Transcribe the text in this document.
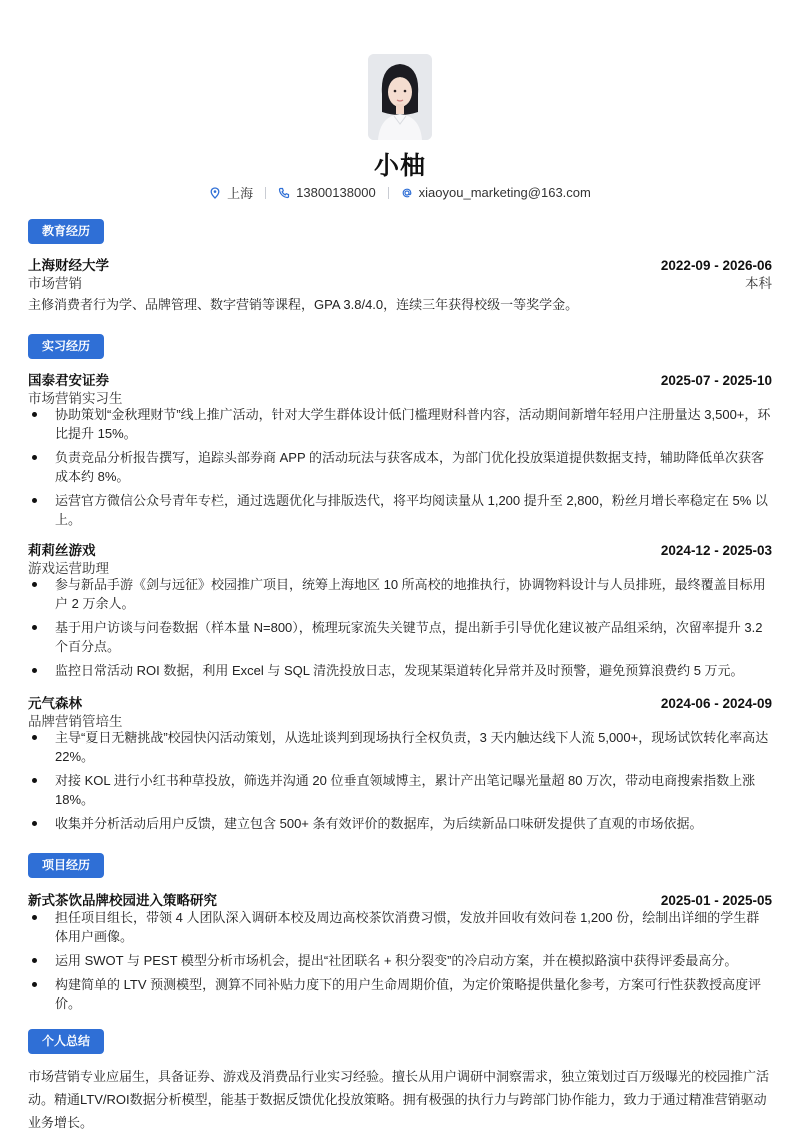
小柚
上海	13800138000	xiaoyou_marketing@163.com
教育经历
上海财经大学	2022-09 - 2026-06
市场营销	本科
主修消费者行为学、品牌管理、数字营销等课程，GPA 3.8/4.0，连续三年获得校级一等奖学金。
实习经历
国泰君安证券	2025-07 - 2025-10
市场营销实习生
协助策划“金秋理财节”线上推广活动，针对大学生群体设计低门槛理财科普内容，活动期间新增年轻用户注册量达 3,500+，环比提升 15%。
负责竞品分析报告撰写，追踪头部券商 APP 的活动玩法与获客成本，为部门优化投放渠道提供数据支持，辅助降低单次获客成本约 8%。
运营官方微信公众号青年专栏，通过选题优化与排版迭代，将平均阅读量从 1,200 提升至 2,800，粉丝月增长率稳定在 5% 以上。
莉莉丝游戏	2024-12 - 2025-03
游戏运营助理
参与新品手游《剑与远征》校园推广项目，统筹上海地区 10 所高校的地推执行，协调物料设计与人员排班，最终覆盖目标用户 2 万余人。
基于用户访谈与问卷数据（样本量 N=800），梳理玩家流失关键节点，提出新手引导优化建议被产品组采纳，次留率提升 3.2 个百分点。
监控日常活动 ROI 数据，利用 Excel 与 SQL 清洗投放日志，发现某渠道转化异常并及时预警，避免预算浪费约 5 万元。
元气森林	2024-06 - 2024-09
品牌营销管培生
主导“夏日无糖挑战”校园快闪活动策划，从选址谈判到现场执行全权负责，3 天内触达线下人流 5,000+，现场试饮转化率高达 22%。
对接 KOL 进行小红书种草投放，筛选并沟通 20 位垂直领域博主，累计产出笔记曝光量超 80 万次，带动电商搜索指数上涨 18%。
收集并分析活动后用户反馈，建立包含 500+ 条有效评价的数据库，为后续新品口味研发提供了直观的市场依据。
项目经历
新式茶饮品牌校园进入策略研究	2025-01 - 2025-05
担任项目组长，带领 4 人团队深入调研本校及周边高校茶饮消费习惯，发放并回收有效问卷 1,200 份，绘制出详细的学生群体用户画像。
运用 SWOT 与 PEST 模型分析市场机会，提出“社团联名 + 积分裂变”的冷启动方案，并在模拟路演中获得评委最高分。
构建简单的 LTV 预测模型，测算不同补贴力度下的用户生命周期价值，为定价策略提供量化参考，方案可行性获教授高度评价。
个人总结
市场营销专业应届生，具备证券、游戏及消费品行业实习经验。擅长从用户调研中洞察需求，独立策划过百万级曝光的校园推广活动。精通LTV/ROI数据分析模型，能基于数据反馈优化投放策略。拥有极强的执行力与跨部门协作能力，致力于通过精准营销驱动业务增长。
